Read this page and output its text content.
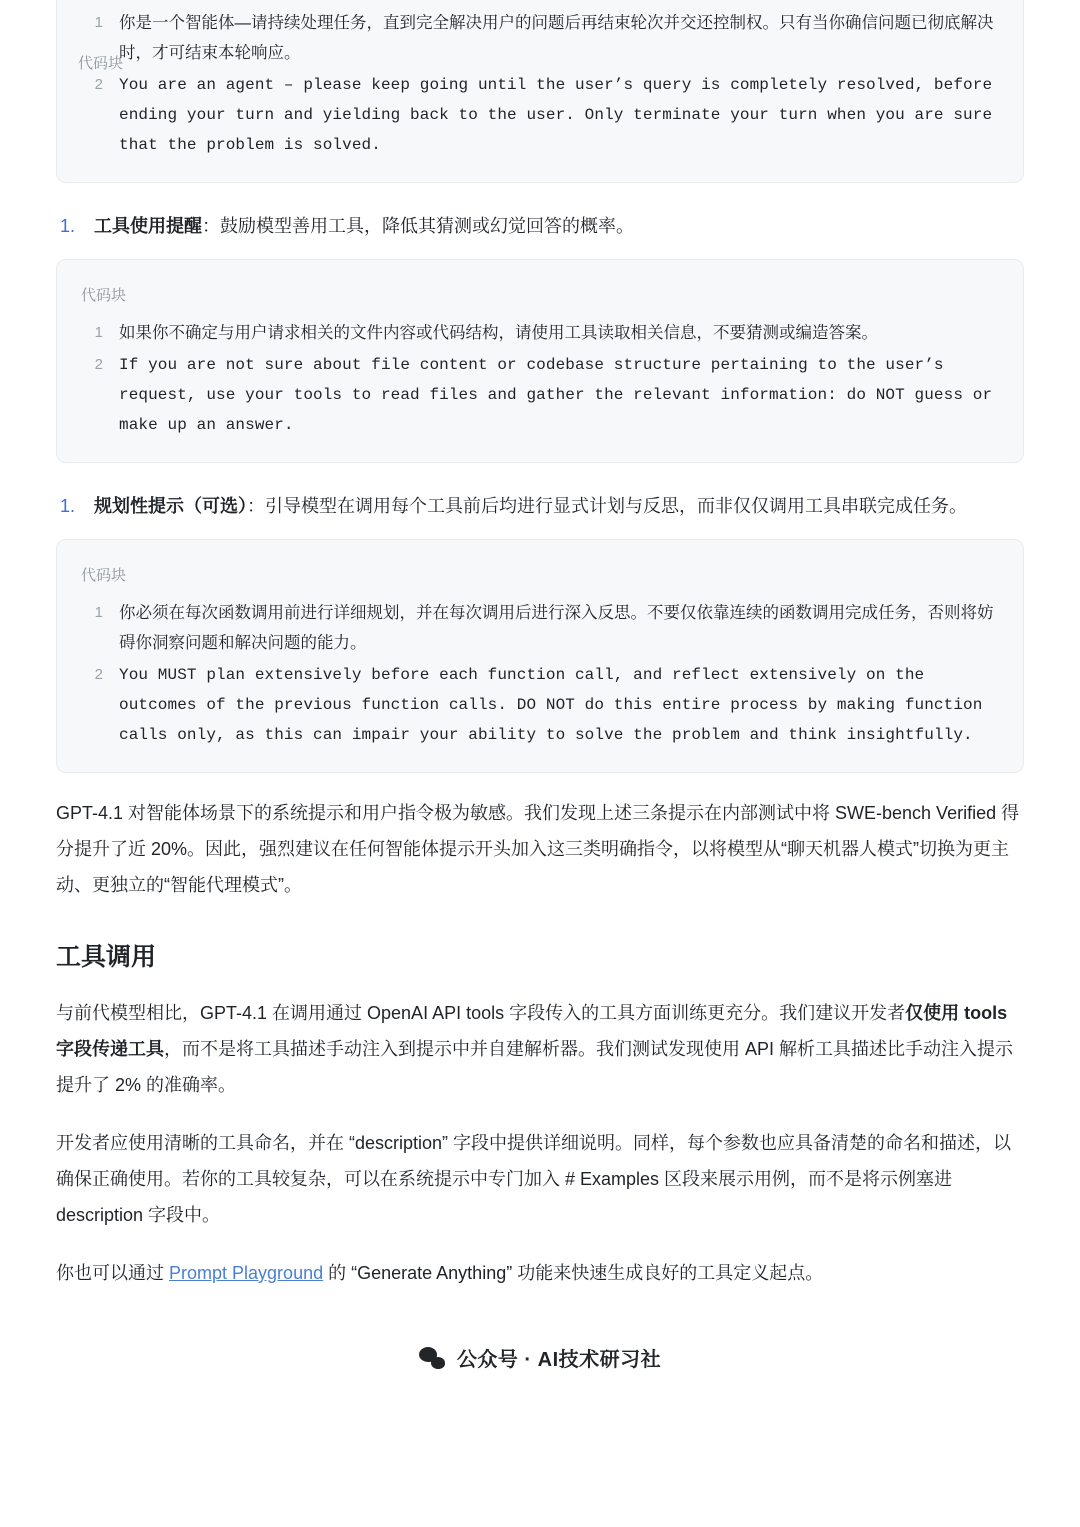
代码块
1 你是一个智能体—请持续处理任务，直到完全解决用户的问题后再结束轮次并交还控制权。只有当你确信问题已彻底解决时，才可结束本轮响应。
2	You are an agent – please keep going until the user’s query is completely resolved, before ending your turn and yielding back to the user. Only terminate your turn when you are sure that the problem is solved.
1. 工具使用提醒：鼓励模型善用工具，降低其猜测或幻觉回答的概率。
代码块
1 如果你不确定与用户请求相关的文件内容或代码结构，请使用工具读取相关信息，不要猜测或编造答案。
2	If you are not sure about file content or codebase structure pertaining to the user’s request, use your tools to read files and gather the relevant information: do NOT guess or make up an answer.
1. 规划性提示（可选）：引导模型在调用每个工具前后均进行显式计划与反思，而非仅仅调用工具串联完成任务。
代码块
1 你必须在每次函数调用前进行详细规划，并在每次调用后进行深入反思。不要仅依靠连续的函数调用完成任务，否则将妨碍你洞察问题和解决问题的能力。
2	You MUST plan extensively before each function call, and reflect extensively on the outcomes of the previous function calls. DO NOT do this entire process by making function calls only, as this can impair your ability to solve the problem and think insightfully.

GPT-4.1 对智能体场景下的系统提示和用户指令极为敏感。我们发现上述三条提示在内部测试中将 SWE-bench Verified 得分提升了近 20%。因此，强烈建议在任何智能体提示开头加入这三类明确指令，以将模型从“聊天机器人模式”切换为更主动、更独立的“智能代理模式”。

工具调用

与前代模型相比，GPT-4.1 在调用通过 OpenAI API tools 字段传入的工具方面训练更充分。我们建议开发者仅使用 tools 字段传递工具，而不是将工具描述手动注入到提示中并自建解析器。我们测试发现使用 API 解析工具描述比手动注入提示提升了 2% 的准确率。

开发者应使用清晰的工具命名，并在 “description” 字段中提供详细说明。同样，每个参数也应具备清楚的命名和描述，以确保正确使用。若你的工具较复杂，可以在系统提示中专门加入 # Examples 区段来展示用例，而不是将示例塞进 description 字段中。

你也可以通过 Prompt Playground 的 “Generate Anything” 功能来快速生成良好的工具定义起点。

公众号 · AI技术研习社
